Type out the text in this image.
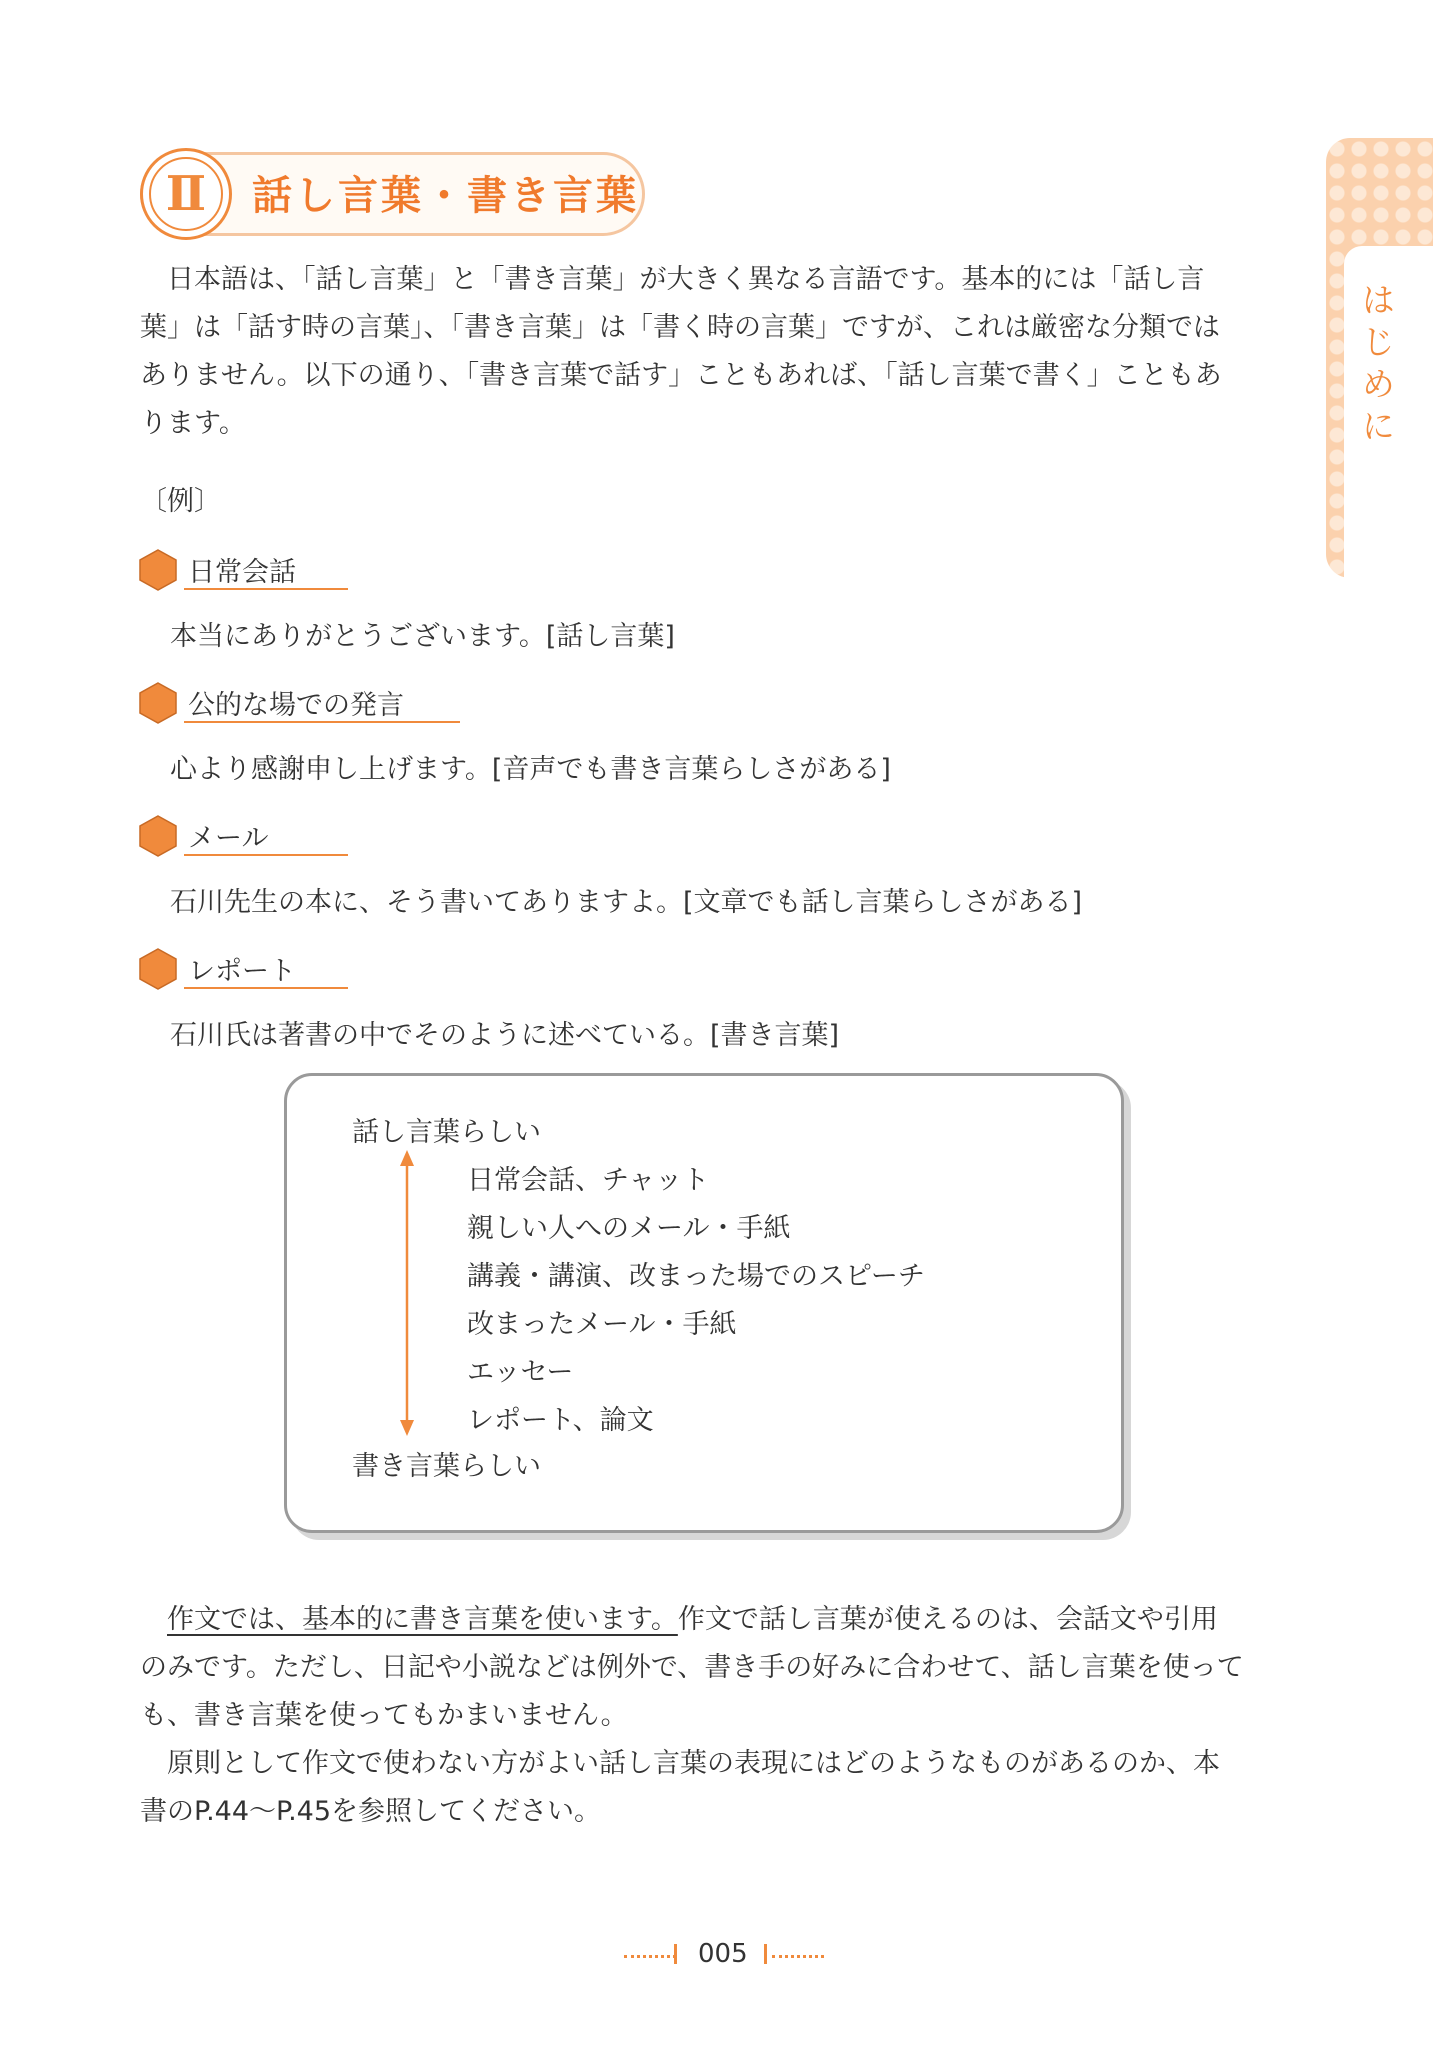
Ⅱ	話し言葉・書き言葉
はじめに
　日本語は、「話し言葉」と「書き言葉」が大きく異なる言語です。基本的には「話し言
葉」は「話す時の言葉」、「書き言葉」は「書く時の言葉」ですが、これは厳密な分類では
ありません。以下の通り、「書き言葉で話す」こともあれば、「話し言葉で書く」こともあ
ります。
〔例〕
日常会話
本当にありがとうございます。[話し言葉]
公的な場での発言
心より感謝申し上げます。[音声でも書き言葉らしさがある]
メール
石川先生の本に、そう書いてありますよ。[文章でも話し言葉らしさがある]
レポート
石川氏は著書の中でそのように述べている。[書き言葉]
話し言葉らしい
日常会話、チャット
親しい人へのメール・手紙
講義・講演、改まった場でのスピーチ
改まったメール・手紙
エッセー
レポート、論文
書き言葉らしい
　作文では、基本的に書き言葉を使います。作文で話し言葉が使えるのは、会話文や引用
のみです。ただし、日記や小説などは例外で、書き手の好みに合わせて、話し言葉を使って
も、書き言葉を使ってもかまいません。
　原則として作文で使わない方がよい話し言葉の表現にはどのようなものがあるのか、本
書のP.44～P.45を参照してください。
005
